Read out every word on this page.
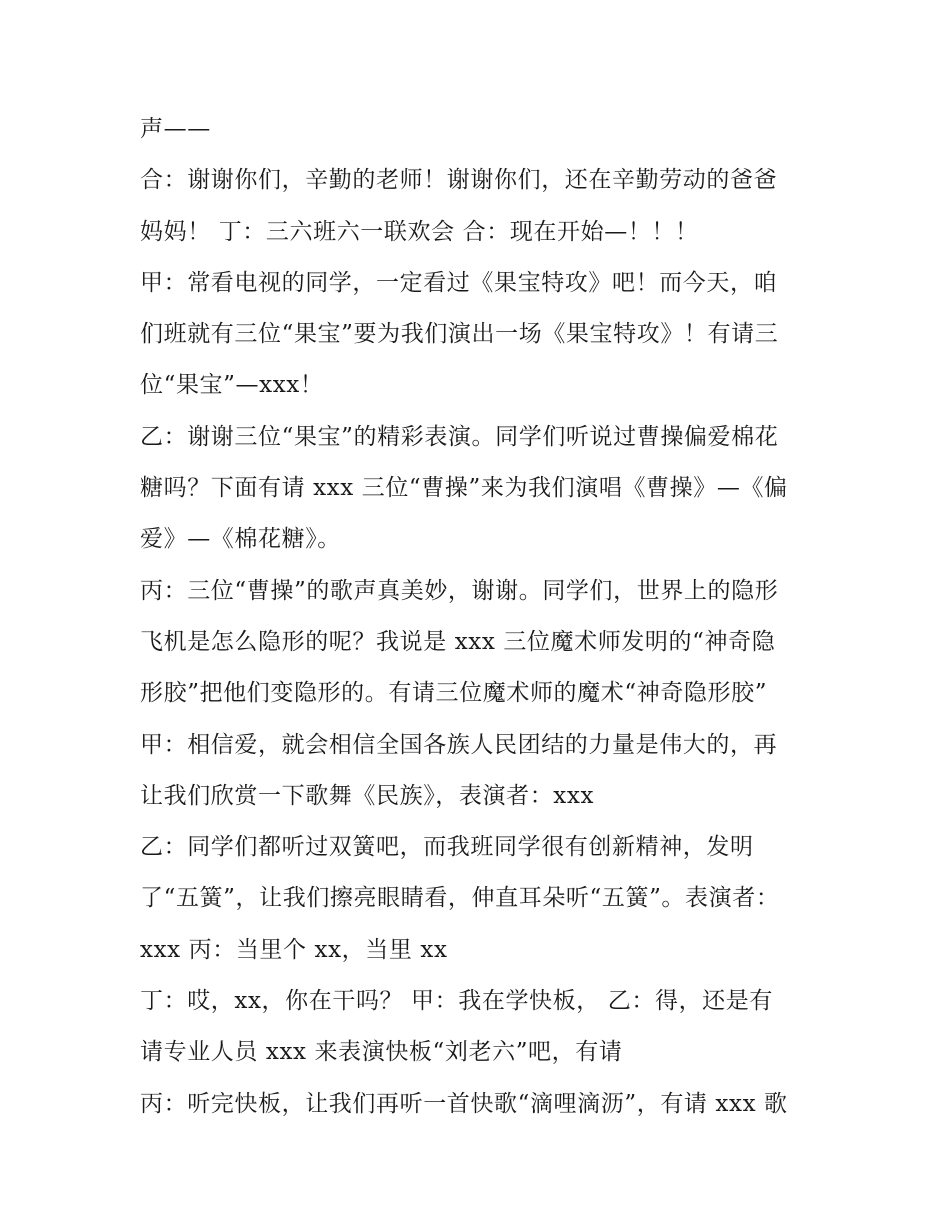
声——
合：谢谢你们，辛勤的老师！谢谢你们，还在辛勤劳动的爸爸
妈妈！ 丁：三六班六一联欢会 合：现在开始—！！！
甲：常看电视的同学，一定看过《果宝特攻》吧！而今天，咱
们班就有三位“果宝”要为我们演出一场《果宝特攻》！有请三
位“果宝”—xxx！
乙：谢谢三位“果宝”的精彩表演。同学们听说过曹操偏爱棉花
糖吗？下面有请 xxx 三位“曹操”来为我们演唱《曹操》—《偏
爱》—《棉花糖》。
丙：三位“曹操”的歌声真美妙，谢谢。同学们，世界上的隐形
飞机是怎么隐形的呢？我说是 xxx 三位魔术师发明的“神奇隐
形胶”把他们变隐形的。有请三位魔术师的魔术“神奇隐形胶”
甲：相信爱，就会相信全国各族人民团结的力量是伟大的，再
让我们欣赏一下歌舞《民族》，表演者：xxx
乙：同学们都听过双簧吧，而我班同学很有创新精神，发明
了“五簧”，让我们擦亮眼睛看，伸直耳朵听“五簧”。表演者：
xxx 丙：当里个 xx，当里 xx
丁：哎，xx，你在干吗？ 甲：我在学快板， 乙：得，还是有
请专业人员 xxx 来表演快板“刘老六”吧，有请
丙：听完快板，让我们再听一首快歌“滴哩滴沥”，有请 xxx 歌
